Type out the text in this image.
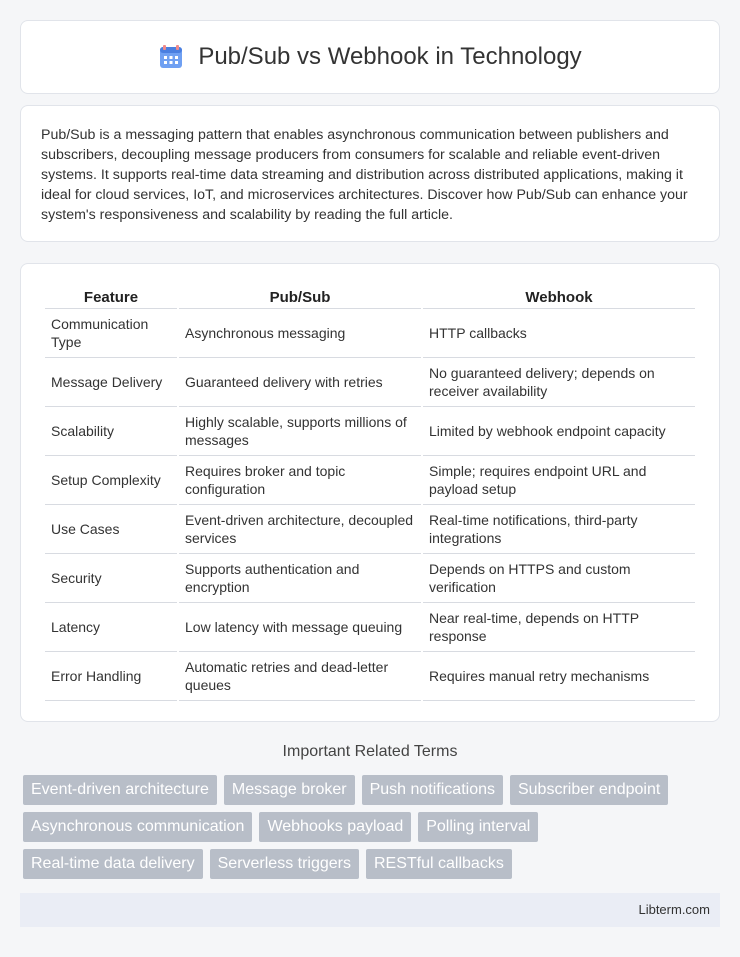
Pub/Sub vs Webhook in Technology

Pub/Sub is a messaging pattern that enables asynchronous communication between publishers and subscribers, decoupling message producers from consumers for scalable and reliable event-driven systems. It supports real-time data streaming and distribution across distributed applications, making it ideal for cloud services, IoT, and microservices architectures. Discover how Pub/Sub can enhance your system's responsiveness and scalability by reading the full article.

Feature	Pub/Sub	Webhook
Communication Type	Asynchronous messaging	HTTP callbacks
Message Delivery	Guaranteed delivery with retries	No guaranteed delivery; depends on receiver availability
Scalability	Highly scalable, supports millions of messages	Limited by webhook endpoint capacity
Setup Complexity	Requires broker and topic configuration	Simple; requires endpoint URL and payload setup
Use Cases	Event-driven architecture, decoupled services	Real-time notifications, third-party integrations
Security	Supports authentication and encryption	Depends on HTTPS and custom verification
Latency	Low latency with message queuing	Near real-time, depends on HTTP response
Error Handling	Automatic retries and dead-letter queues	Requires manual retry mechanisms
Important Related Terms
Event-driven architecture	Message broker	Push notifications	Subscriber endpoint
Asynchronous communication	Webhooks payload	Polling interval
Real-time data delivery	Serverless triggers	RESTful callbacks
Libterm.com
